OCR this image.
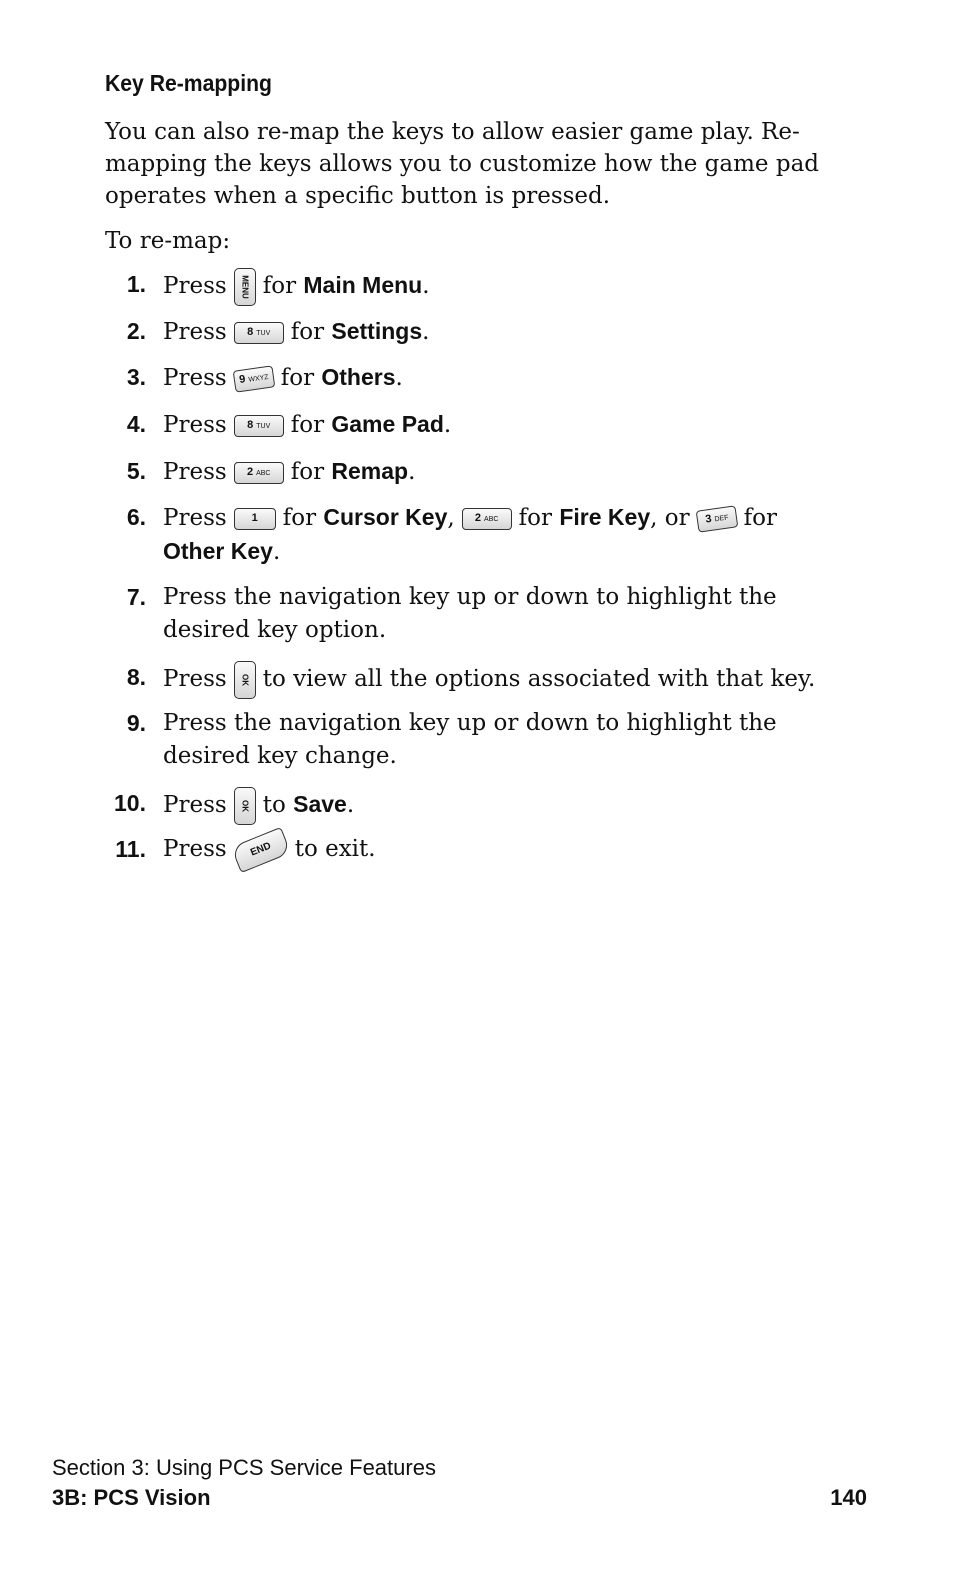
Key Re-mapping
You can also re-map the keys to allow easier game play. Re-mapping the keys allows you to customize how the game pad operates when a specific button is pressed.
To re-map:
1. Press	MENU for Main Menu.
2. Press 8 TUV for Settings.
3. Press 9 WXYZ for Others.
4. Press 8 TUV for Game Pad.
5. Press 2 ABC for Remap.
6. Press 1 for Cursor Key, 2 ABC for Fire Key, or 3 DEF for Other Key.
7. Press the navigation key up or down to highlight the desired key option.
8. Press	OK to view all the options associated with that key.
9. Press the navigation key up or down to highlight the desired key change.
10. Press	OK to Save.
11. Press END to exit.
Section 3: Using PCS Service Features
3B: PCS Vision	140
